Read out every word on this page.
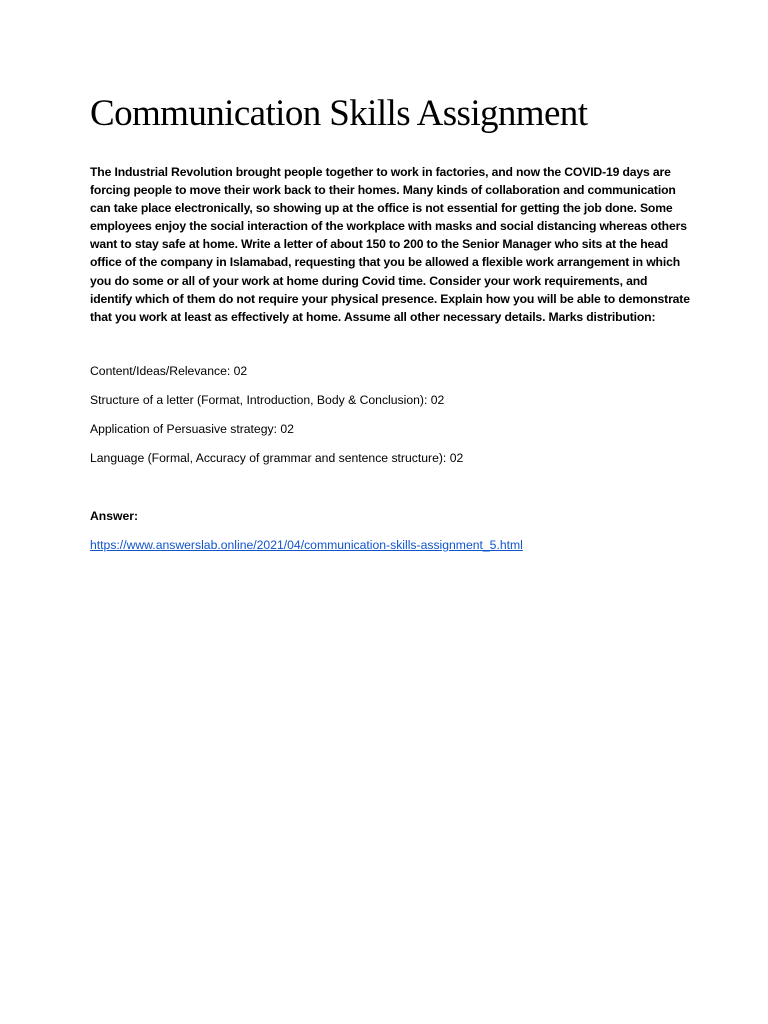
Communication Skills Assignment

The Industrial Revolution brought people together to work in factories, and now the COVID-19 days are forcing people to move their work back to their homes. Many kinds of collaboration and communication can take place electronically, so showing up at the office is not essential for getting the job done. Some employees enjoy the social interaction of the workplace with masks and social distancing whereas others want to stay safe at home. Write a letter of about 150 to 200 to the Senior Manager who sits at the head office of the company in Islamabad, requesting that you be allowed a flexible work arrangement in which you do some or all of your work at home during Covid time. Consider your work requirements, and identify which of them do not require your physical presence. Explain how you will be able to demonstrate that you work at least as effectively at home. Assume all other necessary details. Marks distribution:

Content/Ideas/Relevance: 02

Structure of a letter (Format, Introduction, Body & Conclusion): 02

Application of Persuasive strategy: 02

Language (Formal, Accuracy of grammar and sentence structure): 02

Answer:

https://www.answerslab.online/2021/04/communication-skills-assignment_5.html
